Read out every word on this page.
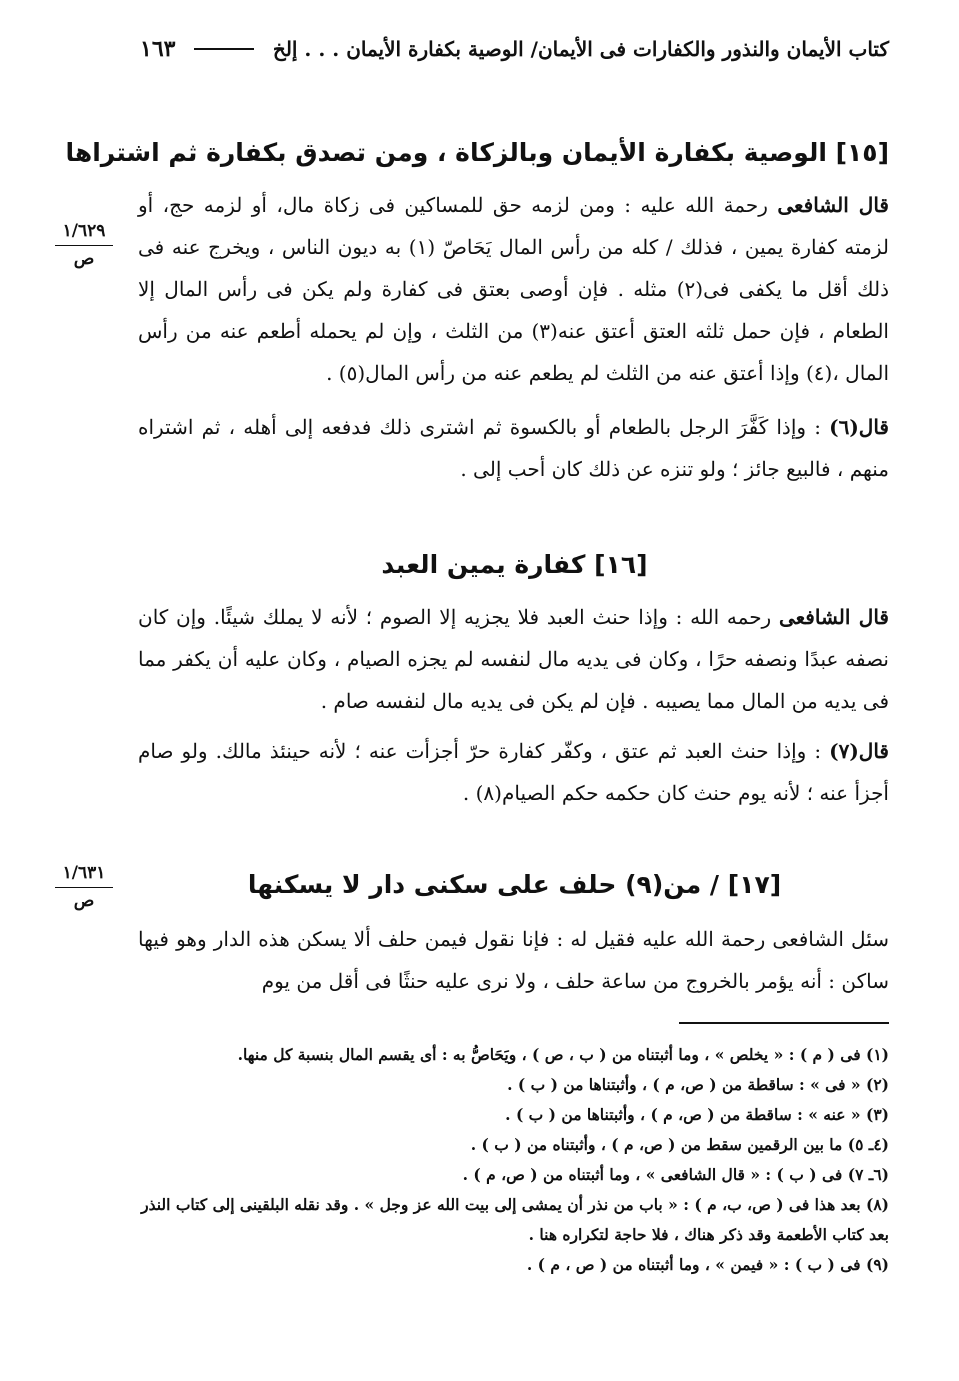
كتاب الأيمان والنذور والكفارات فى الأيمان/ الوصية بكفارة الأيمان . . . إلخ
١٦٣
١/٦٢٩
ص
١/٦٣١
ص
[١٥] الوصية بكفارة الأيمان وبالزكاة ، ومن تصدق بكفارة ثم اشتراها
قال الشافعى رحمة الله عليه : ومن لزمه حق للمساكين فى زكاة مال، أو لزمه حج، أو لزمته كفارة يمين ، فذلك / كله من رأس المال يَحَاصّ (١) به ديون الناس ، ويخرج عنه فى ذلك أقل ما يكفى فى(٢) مثله . فإن أوصى بعتق فى كفارة ولم يكن فى رأس المال إلا الطعام ، فإن حمل ثلثه العتق أعتق عنه(٣) من الثلث ، وإن لم يحمله أطعم عنه من رأس المال ،(٤) وإذا أعتق عنه من الثلث لم يطعم عنه من رأس المال(٥) .
قال(٦) : وإذا كَفَّرَ الرجل بالطعام أو بالكسوة ثم اشترى ذلك فدفعه إلى أهله ، ثم اشتراه منهم ، فالبيع جائز ؛ ولو تنزه عن ذلك كان أحب إلى .
[١٦] كفارة يمين العبد
قال الشافعى رحمه الله : وإذا حنث العبد فلا يجزيه إلا الصوم ؛ لأنه لا يملك شيئًا. وإن كان نصفه عبدًا ونصفه حرًا ، وكان فى يديه مال لنفسه لم يجزه الصيام ، وكان عليه أن يكفر مما فى يديه من المال مما يصيبه . فإن لم يكن فى يديه مال لنفسه صام .
قال(٧) : وإذا حنث العبد ثم عتق ، وكفّر كفارة حرّ أجزأت عنه ؛ لأنه حينئذ مالك. ولو صام أجزأ عنه ؛ لأنه يوم حنث كان حكمه حكم الصيام(٨) .
[١٧] / من(٩) حلف على سكنى دار لا يسكنها
سئل الشافعى رحمة الله عليه فقيل له : فإنا نقول فيمن حلف ألا يسكن هذه الدار وهو فيها ساكن : أنه يؤمر بالخروج من ساعة حلف ، ولا نرى عليه حنثًا فى أقل من يوم
(١) فى ( م ) : « يخلص » ، وما أثبتناه من ( ب ، ص ) ، ويَحَاصُّ به : أى يقسم المال بنسبة كل منها.
(٢) « فى » : ساقطة من ( ص، م ) ، وأثبتناها من ( ب ) .
(٣) « عنه » : ساقطة من ( ص، م ) ، وأثبتناها من ( ب ) .
(٤ـ ٥) ما بين الرقمين سقط من ( ص، م ) ، وأثبتناه من ( ب ) .
(٦ـ ٧) فى ( ب ) : « قال الشافعى » ، وما أثبتناه من ( ص، م ) .
(٨) بعد هذا فى ( ص، ب، م ) : « باب من نذر أن يمشى إلى بيت الله عز وجل » . وقد نقله البلقينى إلى كتاب النذر بعد كتاب الأطعمة وقد ذكر هناك ، فلا حاجة لتكراره هنا .
(٩) فى ( ب ) : « فيمن » ، وما أثبتناه من ( ص ، م ) .
